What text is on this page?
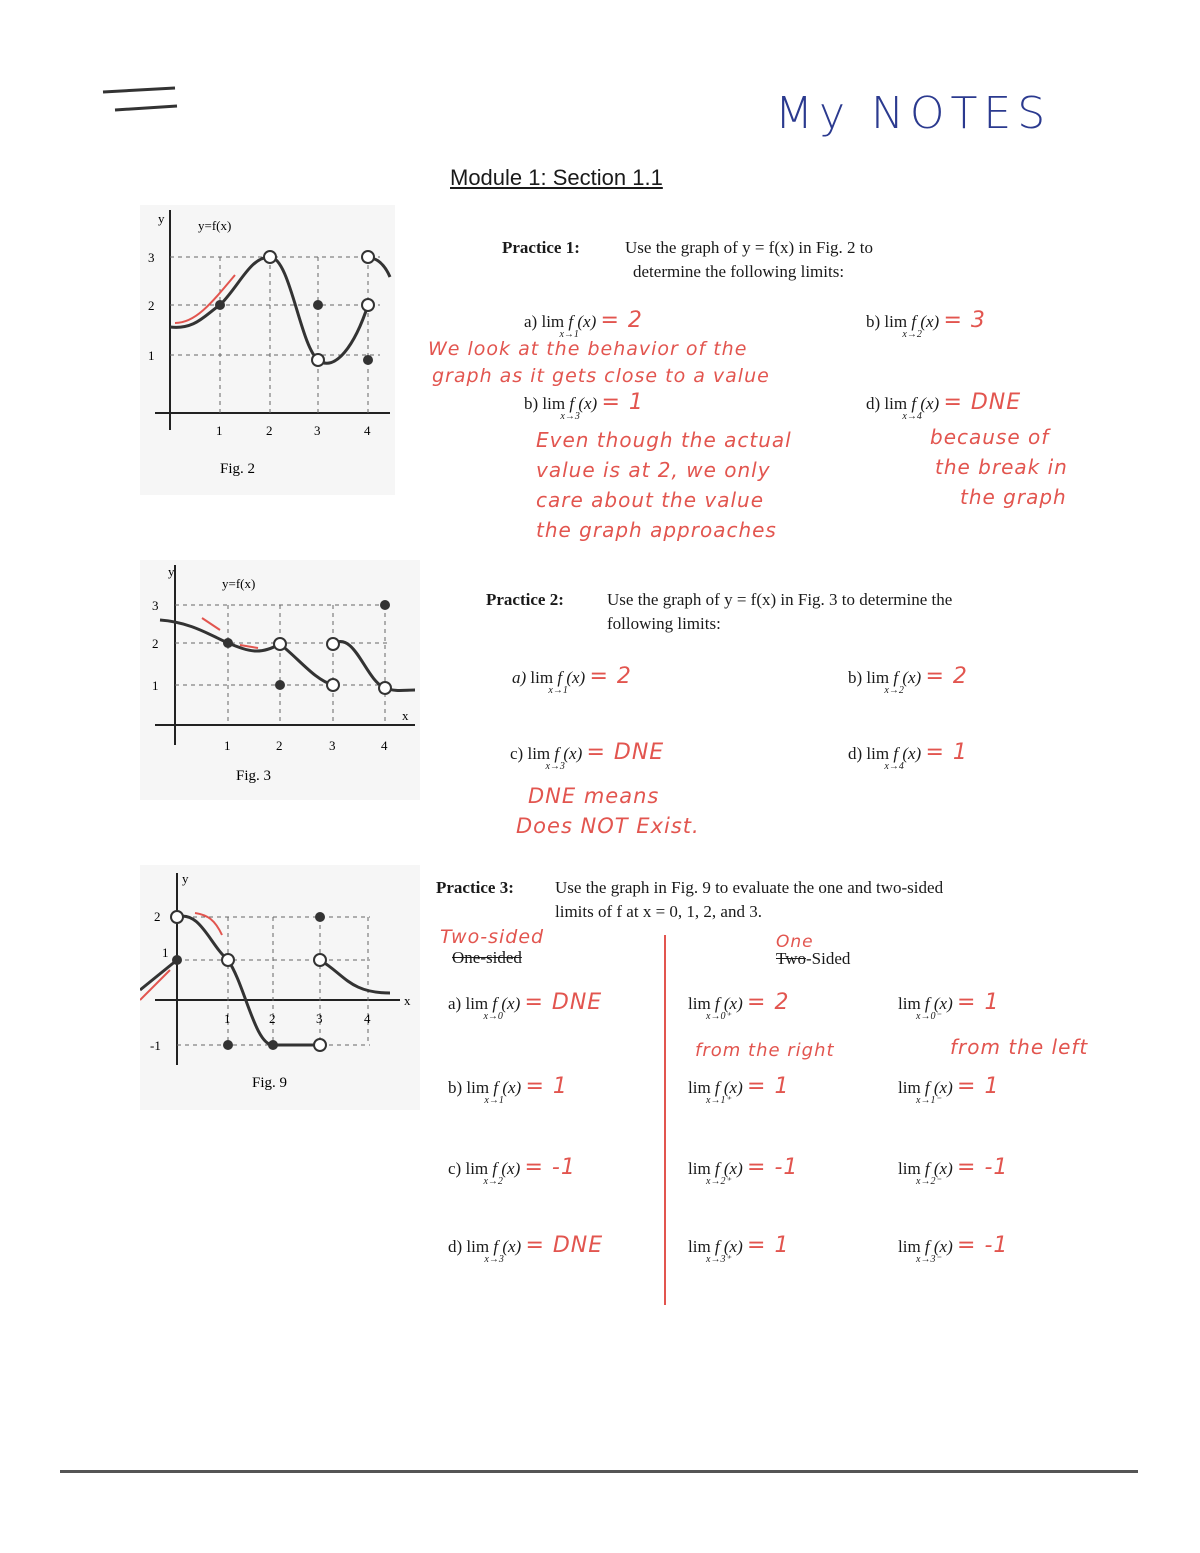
My NOTES
Module 1: Section 1.1
y=f(x)
y
3
2
1
1	2	3	4
Fig. 2
y=f(x)
y
x
3
2
1
1	2	3	4
Fig. 3
y
x
2
1
-1
1	2	3	4
Fig. 9
Practice 1:	Use the graph of y = f(x) in Fig. 2 to
determine the following limits:
a) lim
x→1
f (x) = 2	b) lim
x→2
f (x) = 3
We look at the behavior of the
graph as it gets close to a value
b) lim
x→3
f (x) = 1	d) lim
x→4
f (x) = DNE
Even though the actual
value is at 2, we only
care about the value
the graph approaches
because of
the break in
the graph
Practice 2:	Use the graph of y = f(x) in Fig. 3 to determine the
following limits:
a) lim
x→1
f (x) = 2	b) lim
x→2
f (x) = 2
c) lim
x→3
f (x) = DNE	d) lim
x→4
f (x) = 1
DNE means
Does NOT Exist.
Practice 3: Use the graph in Fig. 9 to evaluate the one and two-sided
limits of f at x = 0, 1, 2, and 3.
Two-sided
One-sided
One
Two-Sided
a) lim
x→0
f (x) = DNE	lim
x→0⁺
f (x) = 2	lim
x→0⁻
f (x) = 1
b) lim
x→1
f (x) = 1	lim
x→1⁺
f (x) = 1	lim
x→1⁻
f (x) = 1
c) lim
x→2
f (x) = -1	lim
x→2⁺
f (x) = -1	lim
x→2⁻
f (x) = -1
d) lim
x→3
f (x) = DNE	lim
x→3⁺
f (x) = 1	lim
x→3⁻
f (x) = -1
from the right	from the left
